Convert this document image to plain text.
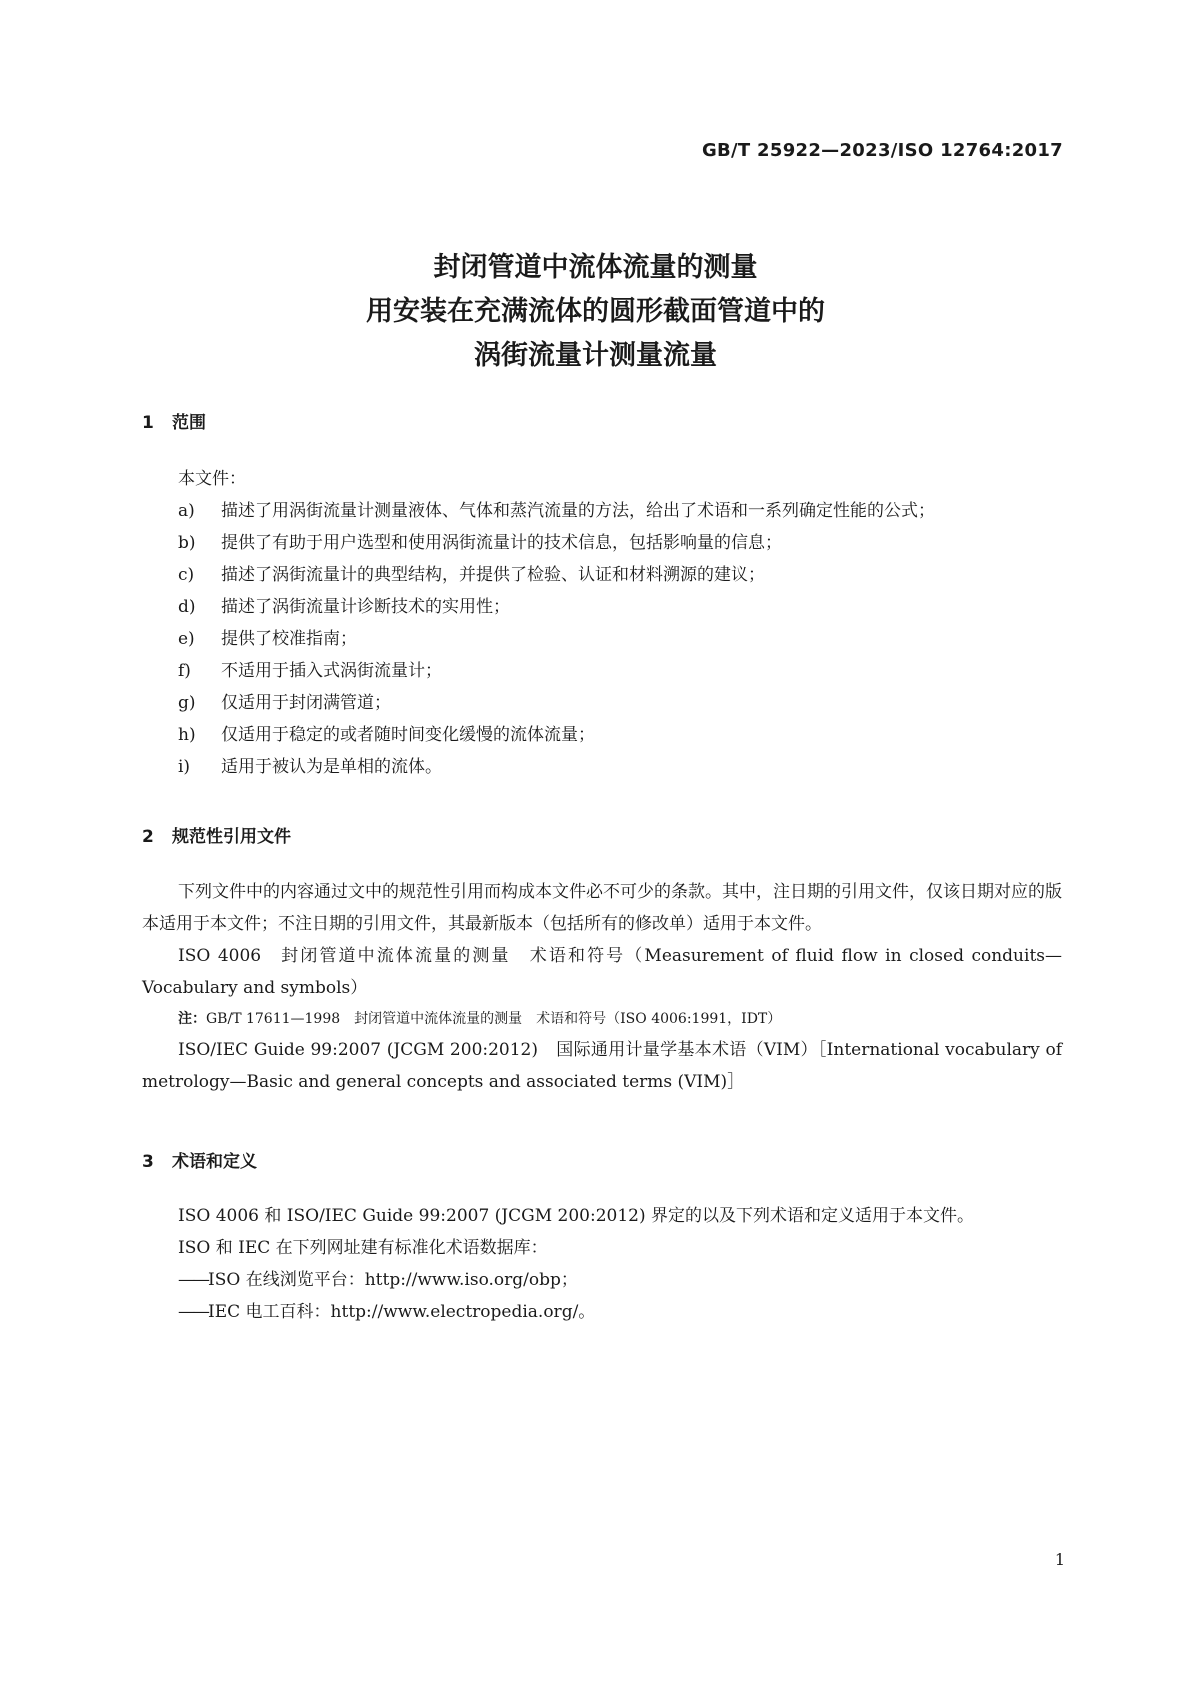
GB/T 25922—2023/ISO 12764:2017
封闭管道中流体流量的测量
用安装在充满流体的圆形截面管道中的
涡街流量计测量流量
1 范围

本文件：

a) 描述了用涡街流量计测量液体、气体和蒸汽流量的方法，给出了术语和一系列确定性能的公式；
b) 提供了有助于用户选型和使用涡街流量计的技术信息，包括影响量的信息；
c) 描述了涡街流量计的典型结构，并提供了检验、认证和材料溯源的建议；
d) 描述了涡街流量计诊断技术的实用性；
e) 提供了校准指南；
f) 不适用于插入式涡街流量计；
g) 仅适用于封闭满管道；
h) 仅适用于稳定的或者随时间变化缓慢的流体流量；
i) 适用于被认为是单相的流体。
2 规范性引用文件

下列文件中的内容通过文中的规范性引用而构成本文件必不可少的条款。其中，注日期的引用文件，仅该日期对应的版本适用于本文件；不注日期的引用文件，其最新版本（包括所有的修改单）适用于本文件。

ISO 4006 封闭管道中流体流量的测量　术语和符号（Measurement of fluid flow in closed conduits—Vocabulary and symbols）

注：GB/T 17611—1998　封闭管道中流体流量的测量　术语和符号（ISO 4006:1991，IDT）

ISO/IEC Guide 99:2007 (JCGM 200:2012) 国际通用计量学基本术语（VIM）［International vocabulary of metrology—Basic and general concepts and associated terms (VIM)］

3 术语和定义

ISO 4006 和 ISO/IEC Guide 99:2007 (JCGM 200:2012) 界定的以及下列术语和定义适用于本文件。

ISO 和 IEC 在下列网址建有标准化术语数据库：

——ISO 在线浏览平台：http://www.iso.org/obp；
——IEC 电工百科：http://www.electropedia.org/。
1
